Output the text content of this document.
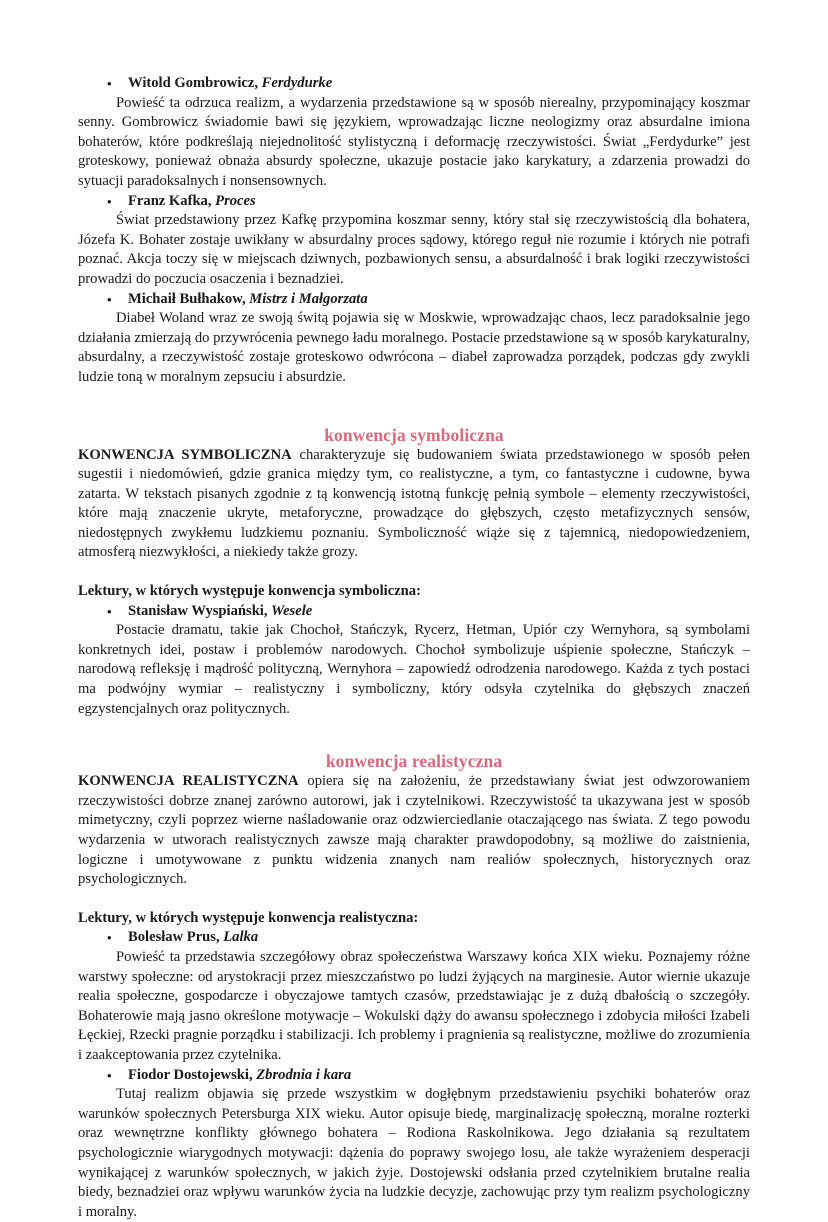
• Witold Gombrowicz, Ferdydurke

Powieść ta odrzuca realizm, a wydarzenia przedstawione są w sposób nierealny, przypominający koszmar senny. Gombrowicz świadomie bawi się językiem, wprowadzając liczne neologizmy oraz absurdalne imiona bohaterów, które podkreślają niejednolitość stylistyczną i deformację rzeczywistości. Świat „Ferdydurke” jest groteskowy, ponieważ obnaża absurdy społeczne, ukazuje postacie jako karykatury, a zdarzenia prowadzi do sytuacji paradoksalnych i nonsensownych.

• Franz Kafka, Proces

Świat przedstawiony przez Kafkę przypomina koszmar senny, który stał się rzeczywistością dla bohatera, Józefa K. Bohater zostaje uwikłany w absurdalny proces sądowy, którego reguł nie rozumie i których nie potrafi poznać. Akcja toczy się w miejscach dziwnych, pozbawionych sensu, a absurdalność i brak logiki rzeczywistości prowadzi do poczucia osaczenia i beznadziei.

• Michaił Bułhakow, Mistrz i Małgorzata

Diabeł Woland wraz ze swoją świtą pojawia się w Moskwie, wprowadzając chaos, lecz paradoksalnie jego działania zmierzają do przywrócenia pewnego ładu moralnego. Postacie przedstawione są w sposób karykaturalny, absurdalny, a rzeczywistość zostaje groteskowo odwrócona – diabeł zaprowadza porządek, podczas gdy zwykli ludzie toną w moralnym zepsuciu i absurdzie.

konwencja symboliczna

KONWENCJA SYMBOLICZNA charakteryzuje się budowaniem świata przedstawionego w sposób pełen sugestii i niedomówień, gdzie granica między tym, co realistyczne, a tym, co fantastyczne i cudowne, bywa zatarta. W tekstach pisanych zgodnie z tą konwencją istotną funkcję pełnią symbole – elementy rzeczywistości, które mają znaczenie ukryte, metaforyczne, prowadzące do głębszych, często metafizycznych sensów, niedostępnych zwykłemu ludzkiemu poznaniu. Symboliczność wiąże się z tajemnicą, niedopowiedzeniem, atmosferą niezwykłości, a niekiedy także grozy.

Lektury, w których występuje konwencja symboliczna:

• Stanisław Wyspiański, Wesele

Postacie dramatu, takie jak Chochoł, Stańczyk, Rycerz, Hetman, Upiór czy Wernyhora, są symbolami konkretnych idei, postaw i problemów narodowych. Chochoł symbolizuje uśpienie społeczne, Stańczyk – narodową refleksję i mądrość polityczną, Wernyhora – zapowiedź odrodzenia narodowego. Każda z tych postaci ma podwójny wymiar – realistyczny i symboliczny, który odsyła czytelnika do głębszych znaczeń egzystencjalnych oraz politycznych.

konwencja realistyczna

KONWENCJA REALISTYCZNA opiera się na założeniu, że przedstawiany świat jest odwzorowaniem rzeczywistości dobrze znanej zarówno autorowi, jak i czytelnikowi. Rzeczywistość ta ukazywana jest w sposób mimetyczny, czyli poprzez wierne naśladowanie oraz odzwierciedlanie otaczającego nas świata. Z tego powodu wydarzenia w utworach realistycznych zawsze mają charakter prawdopodobny, są możliwe do zaistnienia, logiczne i umotywowane z punktu widzenia znanych nam realiów społecznych, historycznych oraz psychologicznych.

Lektury, w których występuje konwencja realistyczna:

• Bolesław Prus, Lalka

Powieść ta przedstawia szczegółowy obraz społeczeństwa Warszawy końca XIX wieku. Poznajemy różne warstwy społeczne: od arystokracji przez mieszczaństwo po ludzi żyjących na marginesie. Autor wiernie ukazuje realia społeczne, gospodarcze i obyczajowe tamtych czasów, przedstawiając je z dużą dbałością o szczegóły. Bohaterowie mają jasno określone motywacje – Wokulski dąży do awansu społecznego i zdobycia miłości Izabeli Łęckiej, Rzecki pragnie porządku i stabilizacji. Ich problemy i pragnienia są realistyczne, możliwe do zrozumienia i zaakceptowania przez czytelnika.

• Fiodor Dostojewski, Zbrodnia i kara

Tutaj realizm objawia się przede wszystkim w dogłębnym przedstawieniu psychiki bohaterów oraz warunków społecznych Petersburga XIX wieku. Autor opisuje biedę, marginalizację społeczną, moralne rozterki oraz wewnętrzne konflikty głównego bohatera – Rodiona Raskolnikowa. Jego działania są rezultatem psychologicznie wiarygodnych motywacji: dążenia do poprawy swojego losu, ale także wyrażeniem desperacji wynikającej z warunków społecznych, w jakich żyje. Dostojewski odsłania przed czytelnikiem brutalne realia biedy, beznadziei oraz wpływu warunków życia na ludzkie decyzje, zachowując przy tym realizm psychologiczny i moralny.
